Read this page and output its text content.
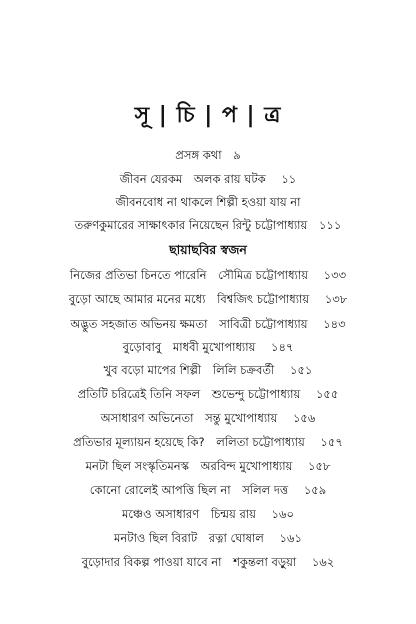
সূ | চি | প | ত্র
প্রসঙ্গ কথা ৯
জীবন যেরকম অলক রায় ঘটক ১১
জীবনবোধ না থাকলে শিল্পী হওয়া যায় না
তরুণকুমারের সাক্ষাৎকার নিয়েছেন রিন্টু চট্টোপাধ্যায় ১১১
ছায়াছবির স্বজন
নিজের প্রতিভা চিনতে পারেনি সৌমিত্র চট্টোপাধ্যায় ১৩৩
বুড়ো আছে আমার মনের মধ্যে বিশ্বজিৎ চট্টোপাধ্যায় ১৩৮
অদ্ভুত সহজাত অভিনয় ক্ষমতা সাবিত্রী চট্টোপাধ্যায় ১৪৩
বুড়োবাবু মাধবী মুখোপাধ্যায় ১৪৭
খুব বড়ো মাপের শিল্পী লিলি চক্রবর্তী ১৫১
প্রতিটি চরিত্রেই তিনি সফল শুভেন্দু চট্টোপাধ্যায় ১৫৫
অসাধারণ অভিনেতা সন্তু মুখোপাধ্যায় ১৫৬
প্রতিভার মূল্যায়ন হয়েছে কি? ললিতা চট্টোপাধ্যায় ১৫৭
মনটা ছিল সংস্কৃতিমনস্ক অরবিন্দ মুখোপাধ্যায় ১৫৮
কোনো রোলেই আপত্তি ছিল না সলিল দত্ত ১৫৯
মঞ্চেও অসাধারণ চিন্ময় রায় ১৬০
মনটাও ছিল বিরাট রত্না ঘোষাল ১৬১
বুড়োদার বিকল্প পাওয়া যাবে না শকুন্তলা বড়ুয়া ১৬২
